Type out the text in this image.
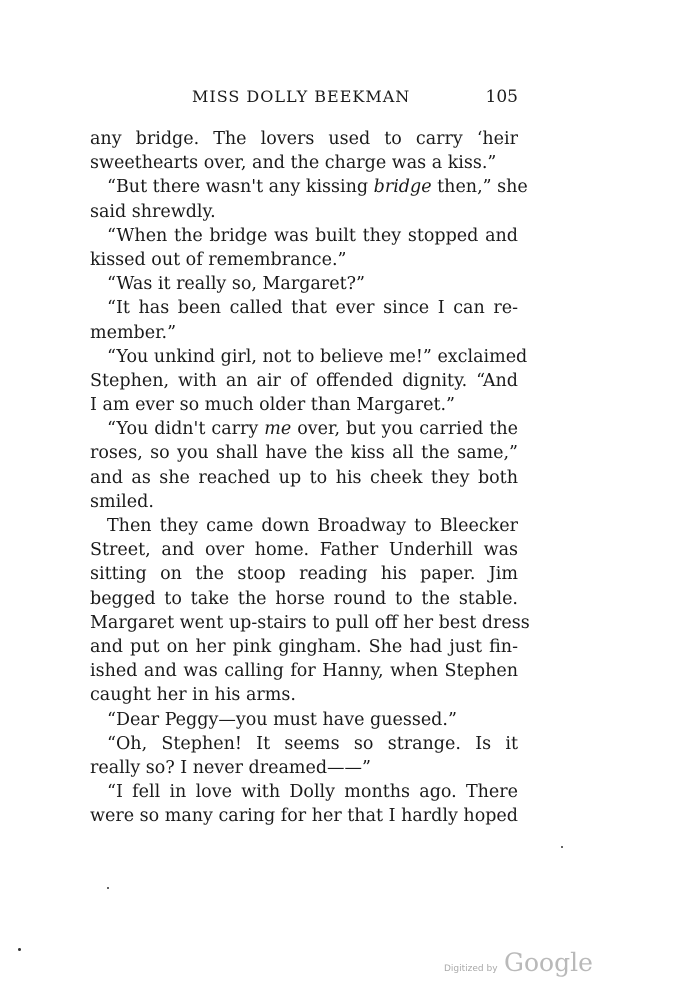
MISS DOLLY BEEKMAN	105
any bridge. The lovers used to carry ‘heir
sweethearts over, and the charge was a kiss.”
“But there wasn't any kissing bridge then,” she
said shrewdly.
“When the bridge was built they stopped and
kissed out of remembrance.”
“Was it really so, Margaret?”
“It has been called that ever since I can re-
member.”
“You unkind girl, not to believe me!” exclaimed
Stephen, with an air of offended dignity. “And
I am ever so much older than Margaret.”
“You didn't carry me over, but you carried the
roses, so you shall have the kiss all the same,”
and as she reached up to his cheek they both
smiled.
Then they came down Broadway to Bleecker
Street, and over home. Father Underhill was
sitting on the stoop reading his paper. Jim
begged to take the horse round to the stable.
Margaret went up-stairs to pull off her best dress
and put on her pink gingham. She had just fin-
ished and was calling for Hanny, when Stephen
caught her in his arms.
“Dear Peggy—you must have guessed.”
“Oh, Stephen! It seems so strange. Is it
really so? I never dreamed——”
“I fell in love with Dolly months ago. There
were so many caring for her that I hardly hoped
Digitized by Google
